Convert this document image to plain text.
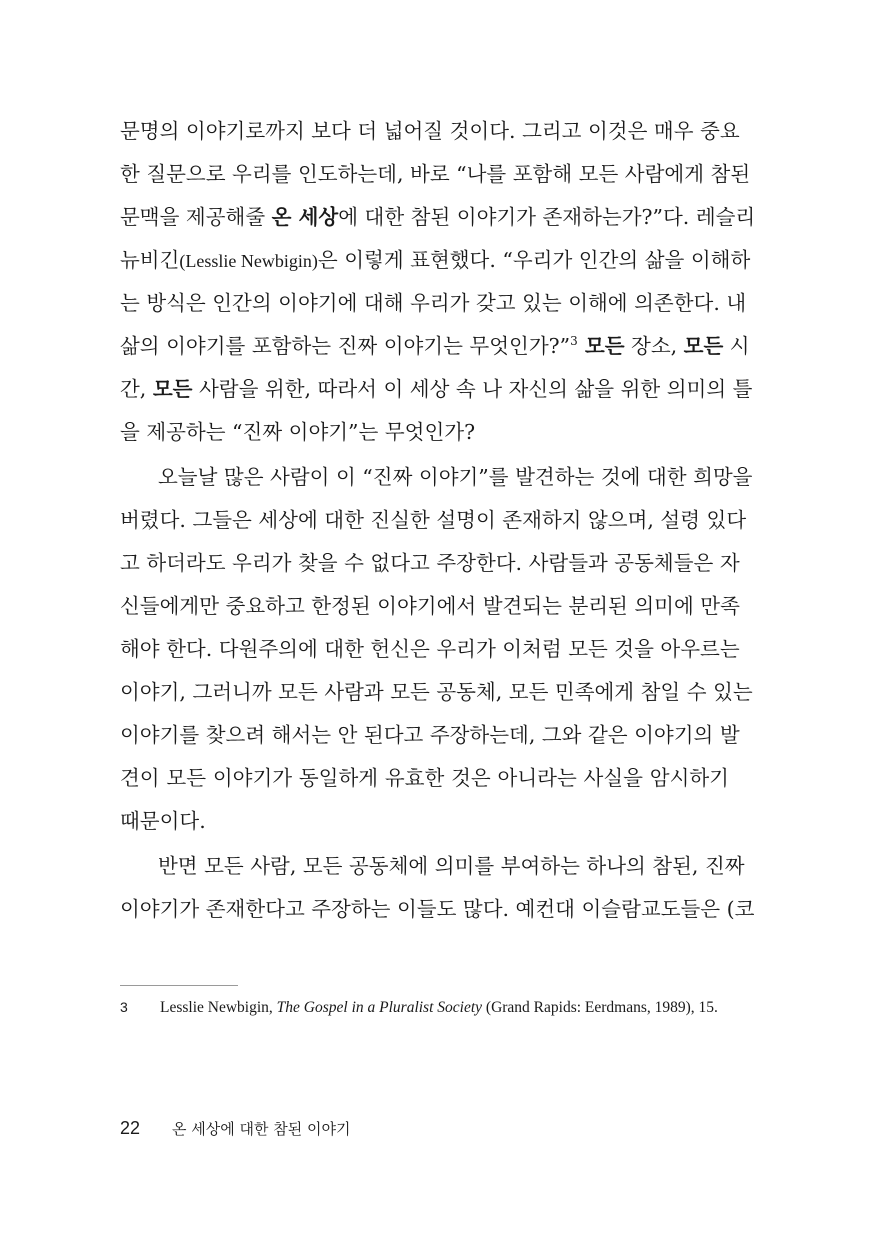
문명의 이야기로까지 보다 더 넓어질 것이다. 그리고 이것은 매우 중요
한 질문으로 우리를 인도하는데, 바로 “나를 포함해 모든 사람에게 참된
문맥을 제공해줄 온 세상에 대한 참된 이야기가 존재하는가?”다. 레슬리
뉴비긴(Lesslie Newbigin)은 이렇게 표현했다. “우리가 인간의 삶을 이해하
는 방식은 인간의 이야기에 대해 우리가 갖고 있는 이해에 의존한다. 내
삶의 이야기를 포함하는 진짜 이야기는 무엇인가?”$^3$ 모든 장소, 모든 시
간, 모든 사람을 위한, 따라서 이 세상 속 나 자신의 삶을 위한 의미의 틀
을 제공하는 “진짜 이야기”는 무엇인가?
오늘날 많은 사람이 이 “진짜 이야기”를 발견하는 것에 대한 희망을
버렸다. 그들은 세상에 대한 진실한 설명이 존재하지 않으며, 설령 있다
고 하더라도 우리가 찾을 수 없다고 주장한다. 사람들과 공동체들은 자
신들에게만 중요하고 한정된 이야기에서 발견되는 분리된 의미에 만족
해야 한다. 다원주의에 대한 헌신은 우리가 이처럼 모든 것을 아우르는
이야기, 그러니까 모든 사람과 모든 공동체, 모든 민족에게 참일 수 있는
이야기를 찾으려 해서는 안 된다고 주장하는데, 그와 같은 이야기의 발
견이 모든 이야기가 동일하게 유효한 것은 아니라는 사실을 암시하기
때문이다.
반면 모든 사람, 모든 공동체에 의미를 부여하는 하나의 참된, 진짜
이야기가 존재한다고 주장하는 이들도 많다. 예컨대 이슬람교도들은 (코
3 Lesslie Newbigin, The Gospel in a Pluralist Society (Grand Rapids: Eerdmans, 1989), 15.
22 온 세상에 대한 참된 이야기
